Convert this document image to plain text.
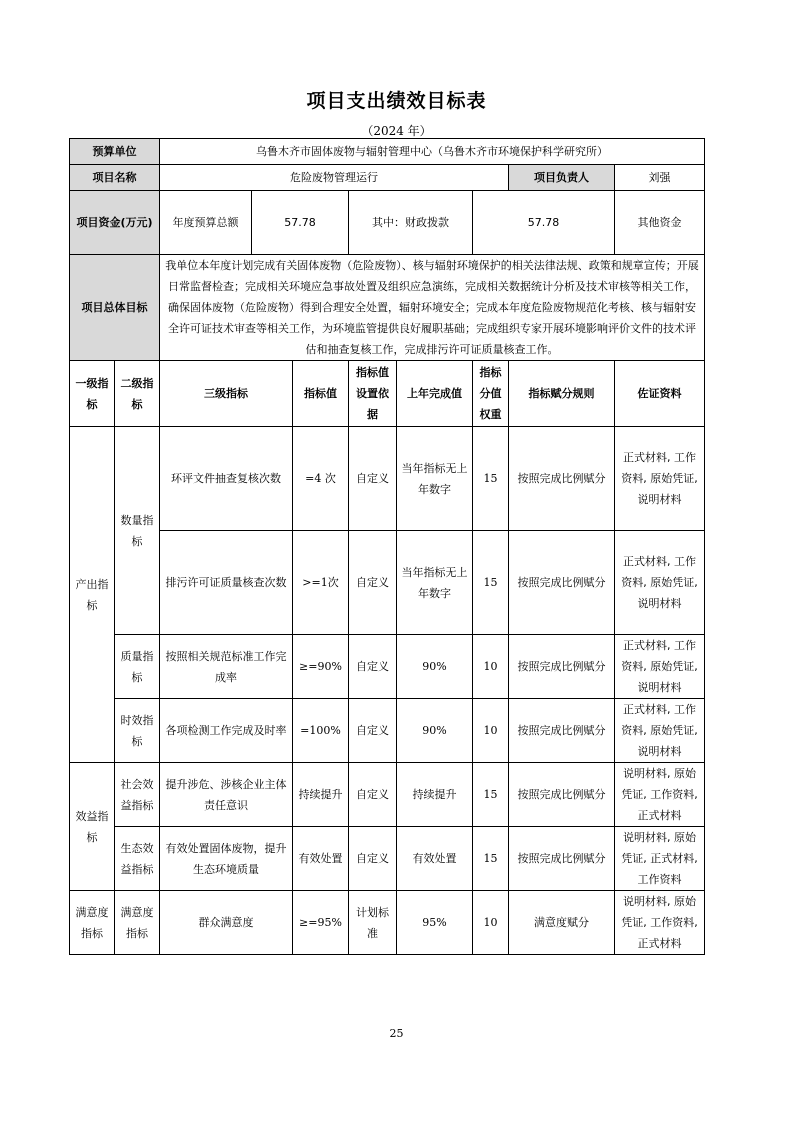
项目支出绩效目标表
（2024 年）
预算单位		乌鲁木齐市固体废物与辐射管理中心（乌鲁木齐市环境保护科学研究所）								
项目名称		危险废物管理运行						项目负责人	刘强	
项目资金(万元)		年度预算总额	57.78		其中：财政拨款		57.78		其他资金	
项目总体目标		我单位本年度计划完成有关固体废物（危险废物）、核与辐射环境保护的相关法律法规、政策和规章宣传；开展日常监督检查；完成相关环境应急事故处置及组织应急演练，完成相关数据统计分析及技术审核等相关工作，确保固体废物（危险废物）得到合理安全处置，辐射环境安全；完成本年度危险废物规范化考核、核与辐射安全许可证技术审查等相关工作，为环境监管提供良好履职基础；完成组织专家开展环境影响评价文件的技术评估和抽查复核工作，完成排污许可证质量核查工作。								
一级指标	二级指标	三级指标		指标值	指标值设置依据	上年完成值	指标分值权重	指标赋分规则	佐证资料	
产出指标	数量指标	环评文件抽查复核次数		=4 次	自定义	当年指标无上年数字	15	按照完成比例赋分	正式材料, 工作资料, 原始凭证, 说明材料	
		排污许可证质量核查次数		>=1次	自定义	当年指标无上年数字	15	按照完成比例赋分	正式材料, 工作资料, 原始凭证, 说明材料	
	质量指标	按照相关规范标准工作完成率		≥=90%	自定义	90%	10	按照完成比例赋分	正式材料, 工作资料, 原始凭证, 说明材料	
	时效指标	各项检测工作完成及时率		=100%	自定义	90%	10	按照完成比例赋分	正式材料, 工作资料, 原始凭证, 说明材料	
效益指标	社会效益指标	提升涉危、涉核企业主体责任意识		持续提升	自定义	持续提升	15	按照完成比例赋分	说明材料, 原始凭证, 工作资料, 正式材料	
	生态效益指标	有效处置固体废物，提升生态环境质量		有效处置	自定义	有效处置	15	按照完成比例赋分	说明材料, 原始凭证, 正式材料, 工作资料	
满意度指标	满意度指标	群众满意度		≥=95%	计划标准	95%	10	满意度赋分	说明材料, 原始凭证, 工作资料, 正式材料	
25
